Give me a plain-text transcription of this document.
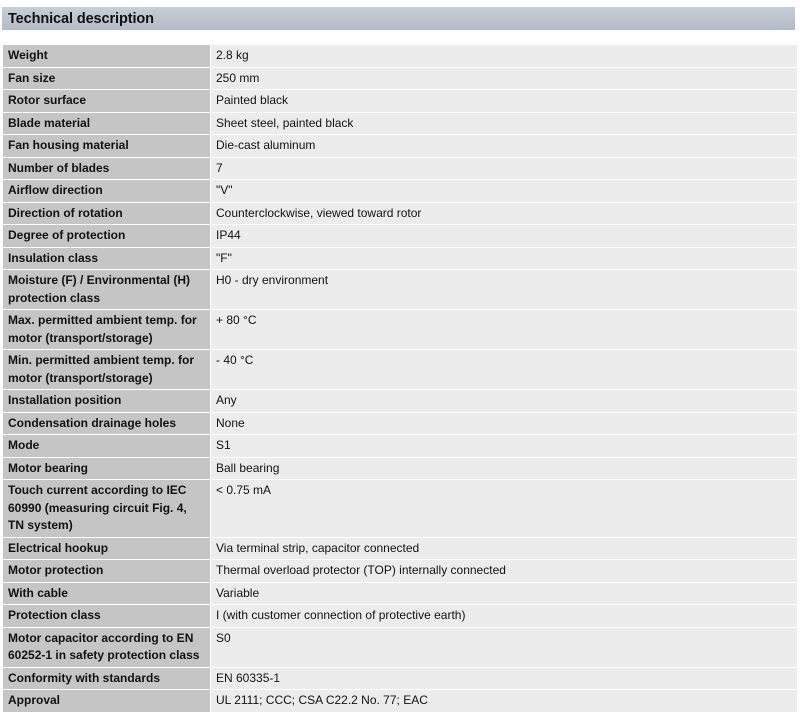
Technical description
Weight	2.8 kg
Fan size	250 mm
Rotor surface	Painted black
Blade material	Sheet steel, painted black
Fan housing material	Die-cast aluminum
Number of blades	7
Airflow direction	"V"
Direction of rotation	Counterclockwise, viewed toward rotor
Degree of protection	IP44
Insulation class	"F"
Moisture (F) / Environmental (H) protection class	H0 - dry environment
Max. permitted ambient temp. for motor (transport/storage)	+ 80 °C
Min. permitted ambient temp. for motor (transport/storage)	- 40 °C
Installation position	Any
Condensation drainage holes	None
Mode	S1
Motor bearing	Ball bearing
Touch current according to IEC 60990 (measuring circuit Fig. 4, TN system)	< 0.75 mA
Electrical hookup	Via terminal strip, capacitor connected
Motor protection	Thermal overload protector (TOP) internally connected
With cable	Variable
Protection class	I (with customer connection of protective earth)
Motor capacitor according to EN 60252-1 in safety protection class	S0
Conformity with standards	EN 60335-1
Approval	UL 2111; CCC; CSA C22.2 No. 77; EAC
